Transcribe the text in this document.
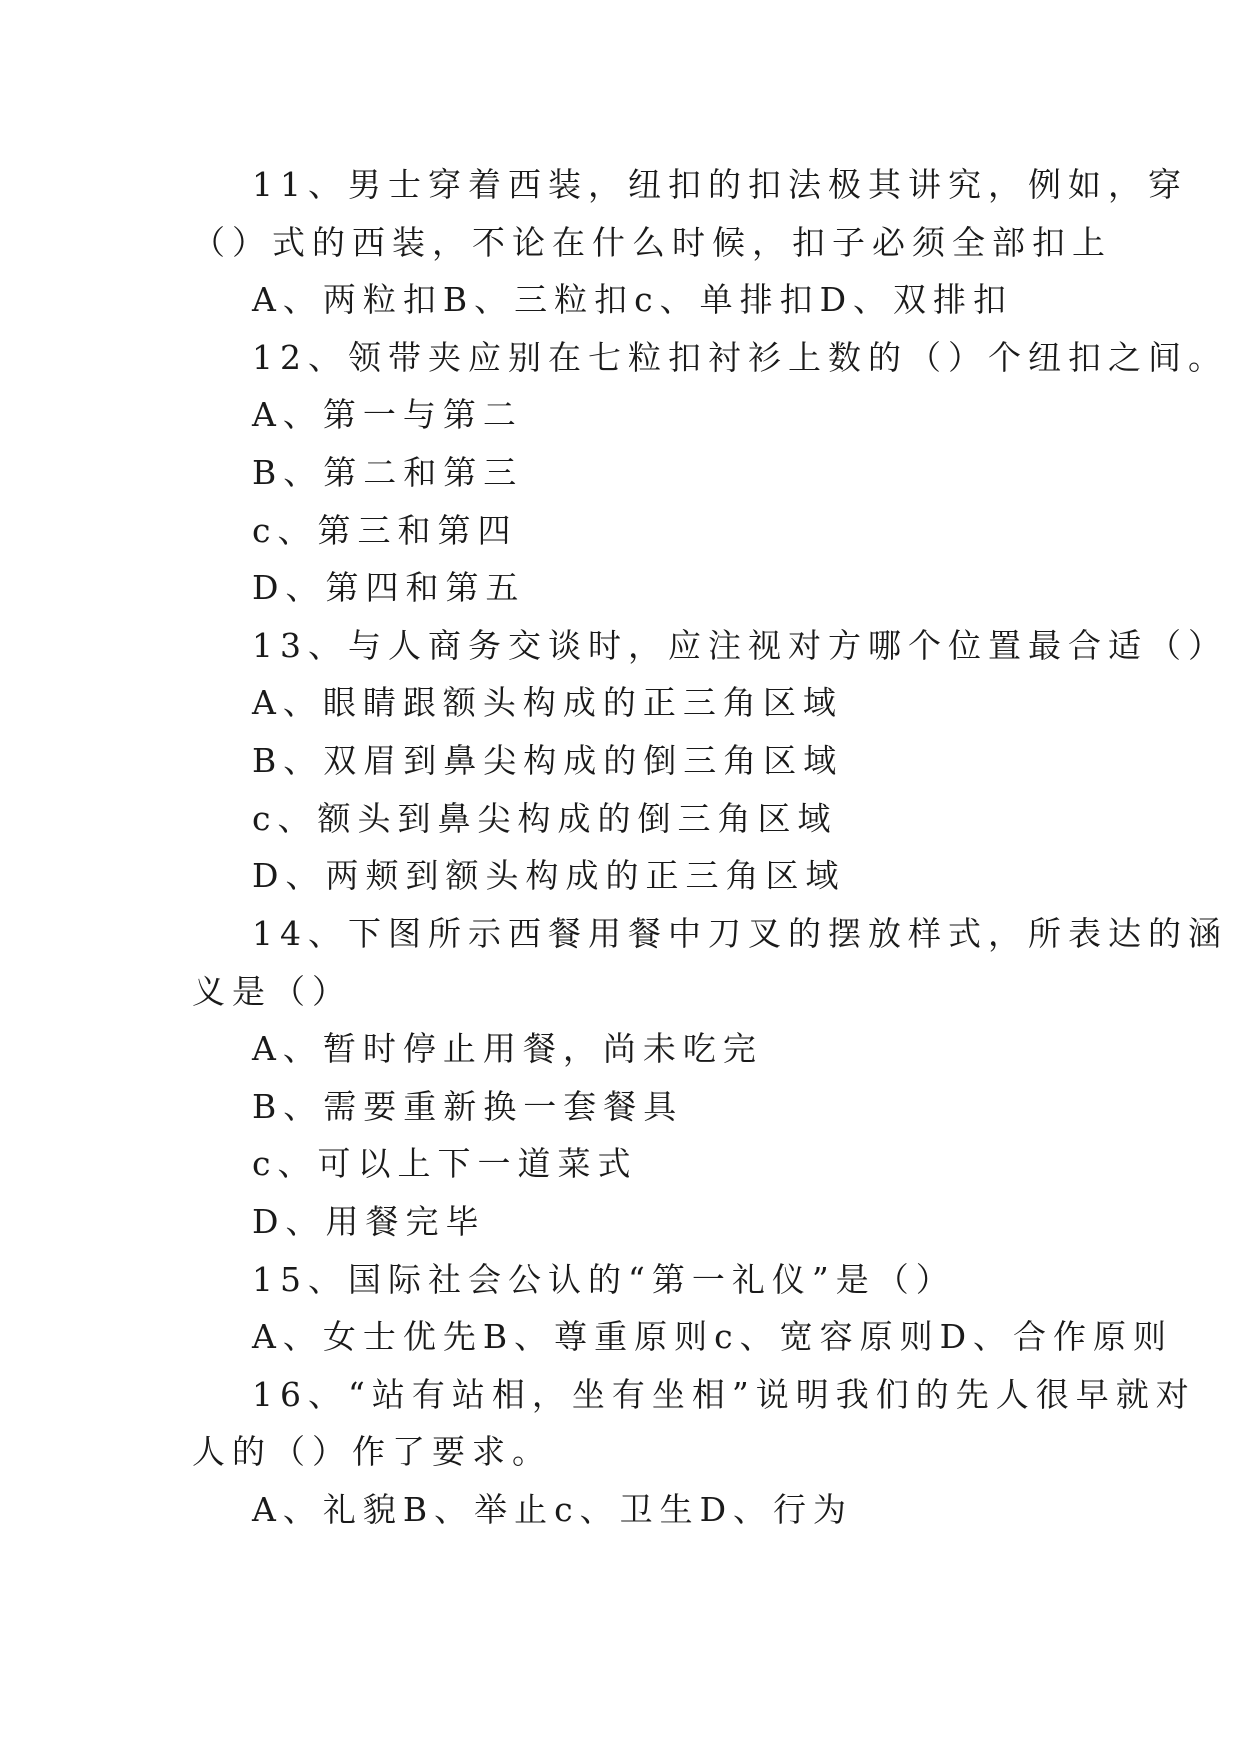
11、男士穿着西装，纽扣的扣法极其讲究，例如，穿

（）式的西装，不论在什么时候，扣子必须全部扣上

A、两粒扣B、三粒扣c、单排扣D、双排扣

12、领带夹应别在七粒扣衬衫上数的（）个纽扣之间。

A、第一与第二

B、第二和第三

c、第三和第四

D、第四和第五

13、与人商务交谈时，应注视对方哪个位置最合适（）

A、眼睛跟额头构成的正三角区域

B、双眉到鼻尖构成的倒三角区域

c、额头到鼻尖构成的倒三角区域

D、两颊到额头构成的正三角区域

14、下图所示西餐用餐中刀叉的摆放样式，所表达的涵

义是（）

A、暂时停止用餐，尚未吃完

B、需要重新换一套餐具

c、可以上下一道菜式

D、用餐完毕

15、国际社会公认的“第一礼仪”是（）

A、女士优先B、尊重原则c、宽容原则D、合作原则

16、“站有站相，坐有坐相”说明我们的先人很早就对

人的（）作了要求。

A、礼貌B、举止c、卫生D、行为
